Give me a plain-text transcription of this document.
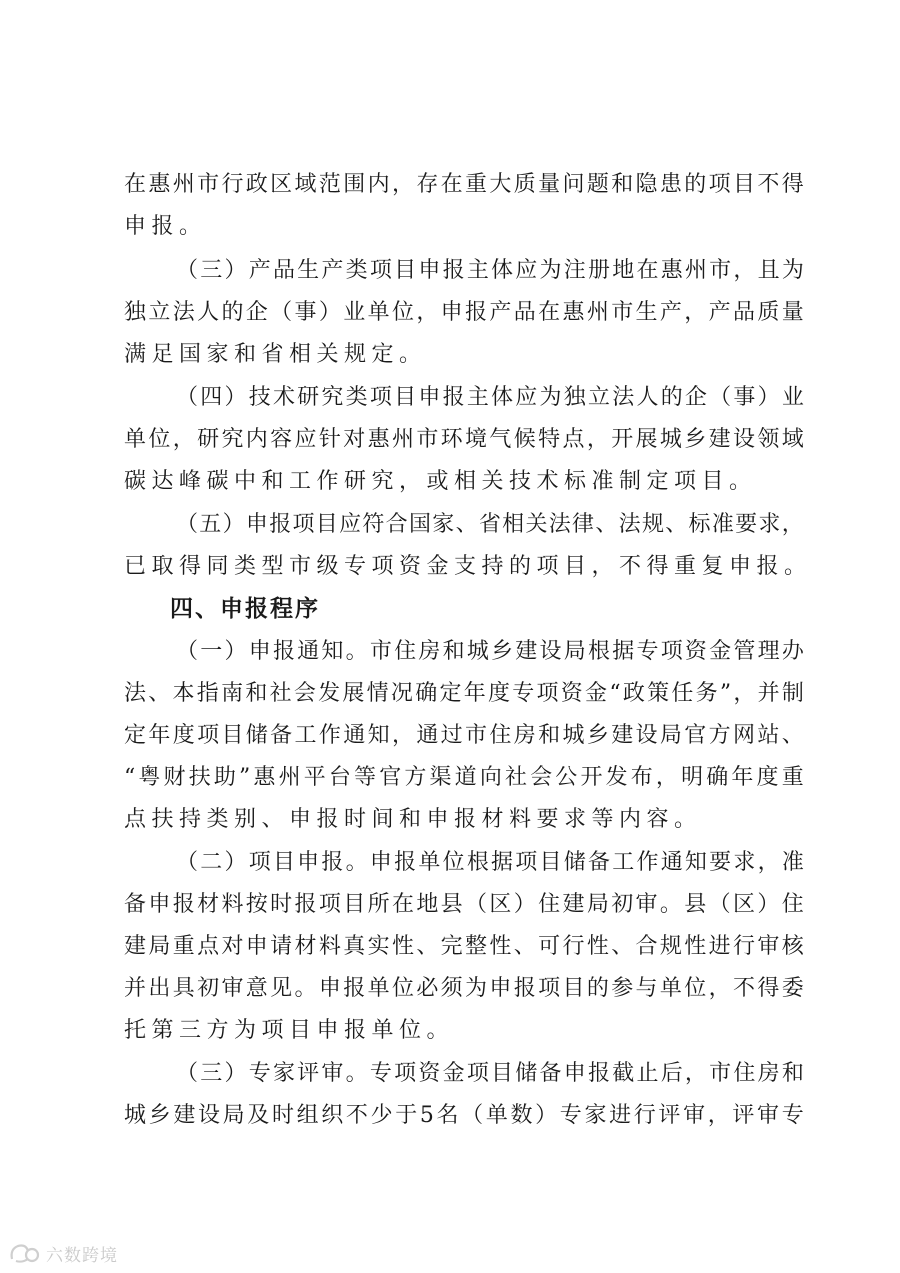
在 惠 州 市 行 政 区 域 范 围 内 ， 存 在 重 大 质 量 问 题 和 隐 患 的 项 目 不 得
申报。
（ 三 ） 产 品 生 产 类 项 目 申 报 主 体 应 为 注 册 地 在 惠 州 市 ， 且 为
独 立 法 人 的 企 （ 事 ） 业 单 位 ， 申 报 产 品 在 惠 州 市 生 产 ， 产 品 质 量
满足国家和省相关规定。
（ 四 ） 技 术 研 究 类 项 目 申 报 主 体 应 为 独 立 法 人 的 企 （ 事 ） 业
单 位 ， 研 究 内 容 应 针 对 惠 州 市 环 境 气 候 特 点 ， 开 展 城 乡 建 设 领 域
碳达峰碳中和工作研究，或相关技术标准制定项目。
（ 五 ） 申 报 项 目 应 符 合 国 家 、 省 相 关 法 律 、 法 规 、 标 准 要 求 ，
已取得同类型市级专项资金支持的项目，不得重复申报。
四、申报程序
（ 一 ） 申 报 通 知 。 市 住 房 和 城 乡 建 设 局 根 据 专 项 资 金 管 理 办
法 、 本 指 南 和 社 会 发 展 情 况 确 定 年 度 专 项 资 金 “ 政 策 任 务 ” ， 并 制
定 年 度 项 目 储 备 工 作 通 知 ， 通 过 市 住 房 和 城 乡 建 设 局 官 方 网 站 、
“ 粤 财 扶 助 ” 惠 州 平 台 等 官 方 渠 道 向 社 会 公 开 发 布 ， 明 确 年 度 重
点扶持类别、申报时间和申报材料要求等内容。
（ 二 ） 项 目 申 报 。 申 报 单 位 根 据 项 目 储 备 工 作 通 知 要 求 ， 准
备 申 报 材 料 按 时 报 项 目 所 在 地 县 （ 区 ） 住 建 局 初 审 。 县 （ 区 ） 住
建 局 重 点 对 申 请 材 料 真 实 性 、 完 整 性 、 可 行 性 、 合 规 性 进 行 审 核
并 出 具 初 审 意 见 。 申 报 单 位 必 须 为 申 报 项 目 的 参 与 单 位 ， 不 得 委
托第三方为项目申报单位。
（ 三 ） 专 家 评 审 。 专 项 资 金 项 目 储 备 申 报 截 止 后 ， 市 住 房 和
城 乡 建 设 局 及 时 组 织 不 少 于 5 名 （ 单 数 ） 专 家 进 行 评 审 ， 评 审 专
六数跨境
